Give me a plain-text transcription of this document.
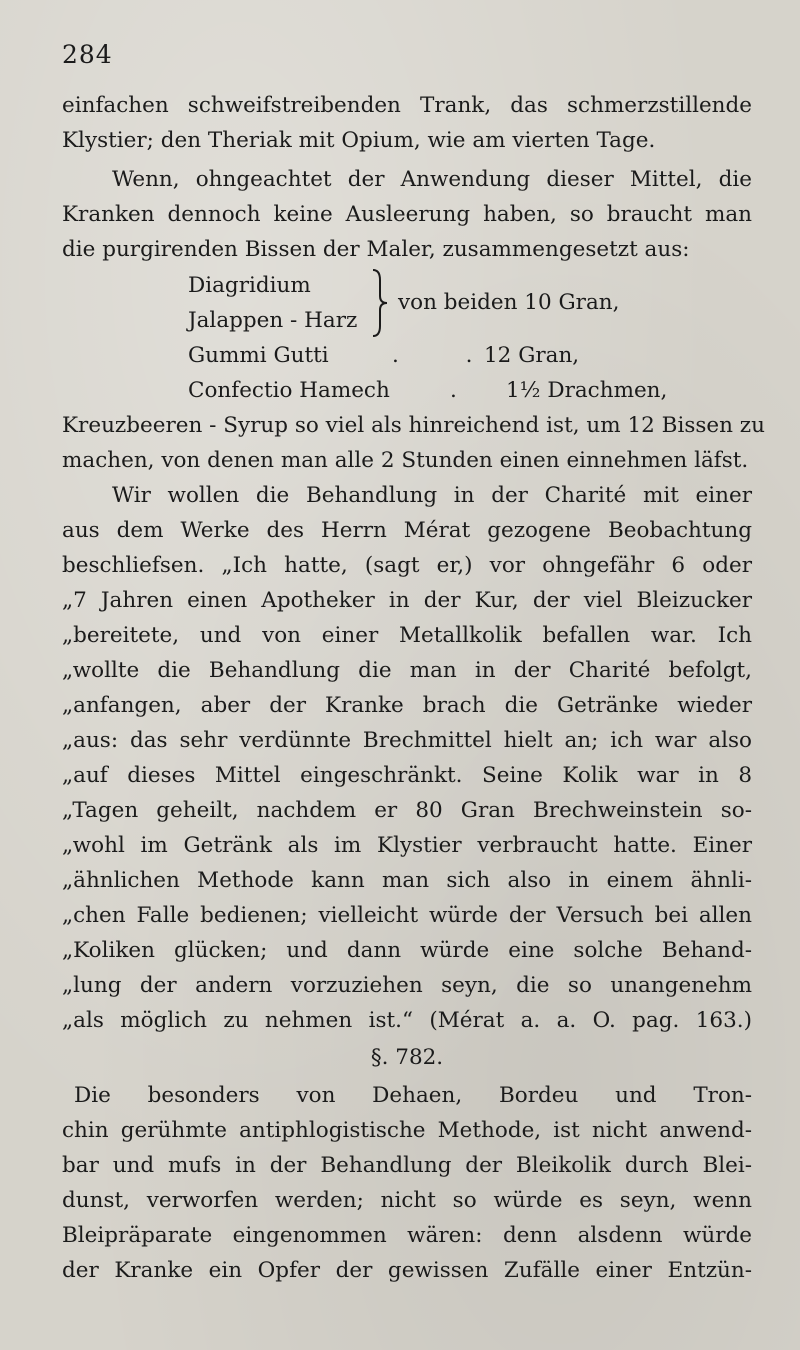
284
einfachen schweifstreibenden Trank, das schmerzstillende
Klystier; den Theriak mit Opium, wie am vierten Tage.
Wenn, ohngeachtet der Anwendung dieser Mittel, die
Kranken dennoch keine Ausleerung haben, so braucht man
die purgirenden Bissen der Maler, zusammengesetzt aus:
Diagridium
Jalappen - Harz
von beiden 10 Gran,
Gummi Gutti	. .
12 Gran,
Confectio Hamech	. 1½ Drachmen,
Kreuzbeeren - Syrup so viel als hinreichend ist, um 12 Bissen zu
machen, von denen man alle 2 Stunden einen einnehmen läfst.
Wir wollen die Behandlung in der Charité mit einer
aus dem Werke des Herrn Mérat gezogene Beobachtung
beschliefsen. „Ich hatte, (sagt er,) vor ohngefähr 6 oder
„7 Jahren einen Apotheker in der Kur, der viel Bleizucker
„bereitete, und von einer Metallkolik befallen war. Ich
„wollte die Behandlung die man in der Charité befolgt,
„anfangen, aber der Kranke brach die Getränke wieder
„aus: das sehr verdünnte Brechmittel hielt an; ich war also
„auf dieses Mittel eingeschränkt. Seine Kolik war in 8
„Tagen geheilt, nachdem er 80 Gran Brechweinstein so-
„wohl im Getränk als im Klystier verbraucht hatte. Einer
„ähnlichen Methode kann man sich also in einem ähnli-
„chen Falle bedienen; vielleicht würde der Versuch bei allen
„Koliken glücken; und dann würde eine solche Behand-
„lung der andern vorzuziehen seyn, die so unangenehm
„als möglich zu nehmen ist.“ (Mérat a. a. O. pag. 163.)
§. 782.
Die besonders von Dehaen, Bordeu und Tron-
chin gerühmte antiphlogistische Methode, ist nicht anwend-
bar und mufs in der Behandlung der Bleikolik durch Blei-
dunst, verworfen werden; nicht so würde es seyn, wenn
Bleipräparate eingenommen wären: denn alsdenn würde
der Kranke ein Opfer der gewissen Zufälle einer Entzün-
